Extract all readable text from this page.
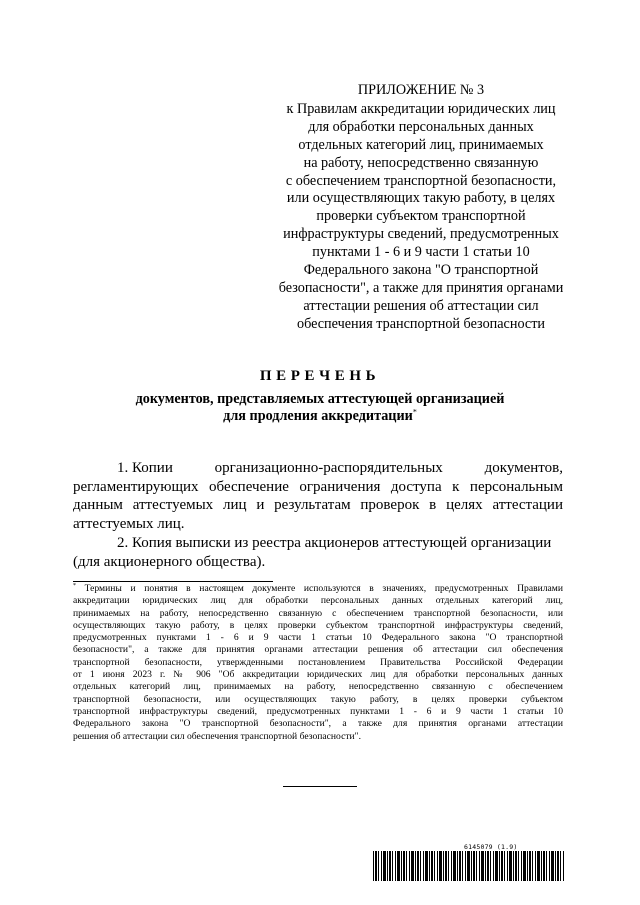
ПРИЛОЖЕНИЕ № 3
к Правилам аккредитации юридических лиц
для обработки персональных данных
отдельных категорий лиц, принимаемых
на работу, непосредственно связанную
с обеспечением транспортной безопасности,
или осуществляющих такую работу, в целях
проверки субъектом транспортной
инфраструктуры сведений, предусмотренных
пунктами 1 - 6 и 9 части 1 статьи 10
Федерального закона "О транспортной
безопасности", а также для принятия органами
аттестации решения об аттестации сил
обеспечения транспортной безопасности
ПЕРЕЧЕНЬ
документов, представляемых аттестующей организацией
для продления аккредитации*
1. Копии	организационно-распорядительных	документов,
регламентирующих обеспечение ограничения доступа к персональным
данным аттестуемых лиц и результатам проверок в целях аттестации
аттестуемых лиц.
2. Копия выписки из реестра акционеров аттестующей организации
(для акционерного общества).
* Термины и понятия в настоящем документе используются в значениях, предусмотренных Правилами
аккредитации юридических лиц для обработки персональных данных отдельных категорий лиц,
принимаемых на работу, непосредственно связанную с обеспечением транспортной безопасности, или
осуществляющих такую работу, в целях проверки субъектом транспортной инфраструктуры сведений,
предусмотренных пунктами 1 - 6 и 9 части 1 статьи 10 Федерального закона "О транспортной
безопасности", а также для принятия органами аттестации решения об аттестации сил обеспечения
транспортной безопасности, утвержденными постановлением Правительства Российской Федерации
от 1 июня 2023 г. № 906 "Об аккредитации юридических лиц для обработки персональных данных
отдельных категорий лиц, принимаемых на работу, непосредственно связанную с обеспечением
транспортной безопасности, или осуществляющих такую работу, в целях проверки субъектом
транспортной инфраструктуры сведений, предусмотренных пунктами 1 - 6 и 9 части 1 статьи 10
Федерального закона "О транспортной безопасности", а также для принятия органами аттестации
решения об аттестации сил обеспечения транспортной безопасности".
6145079 (1.9)
